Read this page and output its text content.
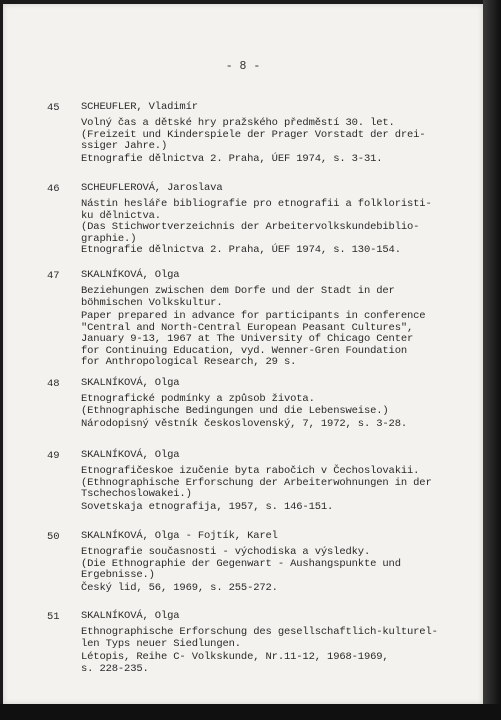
- 8 -
45 SCHEUFLER, Vladimír
Volný čas a dětské hry pražského předměstí 30. let.
(Freizeit und Kinderspiele der Prager Vorstadt der drei-
ssiger Jahre.)
Etnografie dělnictva 2. Praha, ÚEF 1974, s. 3-31.
46 SCHEUFLEROVÁ, Jaroslava
Nástin heslářе bibliografie pro etnografii a folkloristi-
ku dělnictva.
(Das Stichwortverzeichnis der Arbeitervolkskundebiblio-
graphie.)
Etnografie dělnictva 2. Praha, ÚEF 1974, s. 130-154.
47 SKALNÍKOVÁ, Olga
Beziehungen zwischen dem Dorfe und der Stadt in der
böhmischen Volkskultur.
Paper prepared in advance for participants in conference
"Central and North-Central European Peasant Cultures",
January 9-13, 1967 at The University of Chicago Center
for Continuing Education, vyd. Wenner-Gren Foundation
for Anthropological Research, 29 s.
48 SKALNÍKOVÁ, Olga
Etnografické podmínky a způsob života.
(Ethnographische Bedingungen und die Lebensweise.)
Národopisný věstník československý, 7, 1972, s. 3-28.
49 SKALNÍKOVÁ, Olga
Etnografičeskoe izučenie byta rabočich v Čechoslovakii.
(Ethnographische Erforschung der Arbeiterwohnungen in der
Tschechoslowakei.)
Sovetskaja etnografija, 1957, s. 146-151.
50 SKALNÍKOVÁ, Olga - Fojtík, Karel
Etnografie současnosti - východiska a výsledky.
(Die Ethnographie der Gegenwart - Aushangspunkte und
Ergebnisse.)
Český lid, 56, 1969, s. 255-272.
51 SKALNÍKOVÁ, Olga
Ethnographische Erforschung des gesellschaftlich-kulturel-
len Typs neuer Siedlungen.
Létopis, Reihe C- Volkskunde, Nr.11-12, 1968-1969,
s. 228-235.
